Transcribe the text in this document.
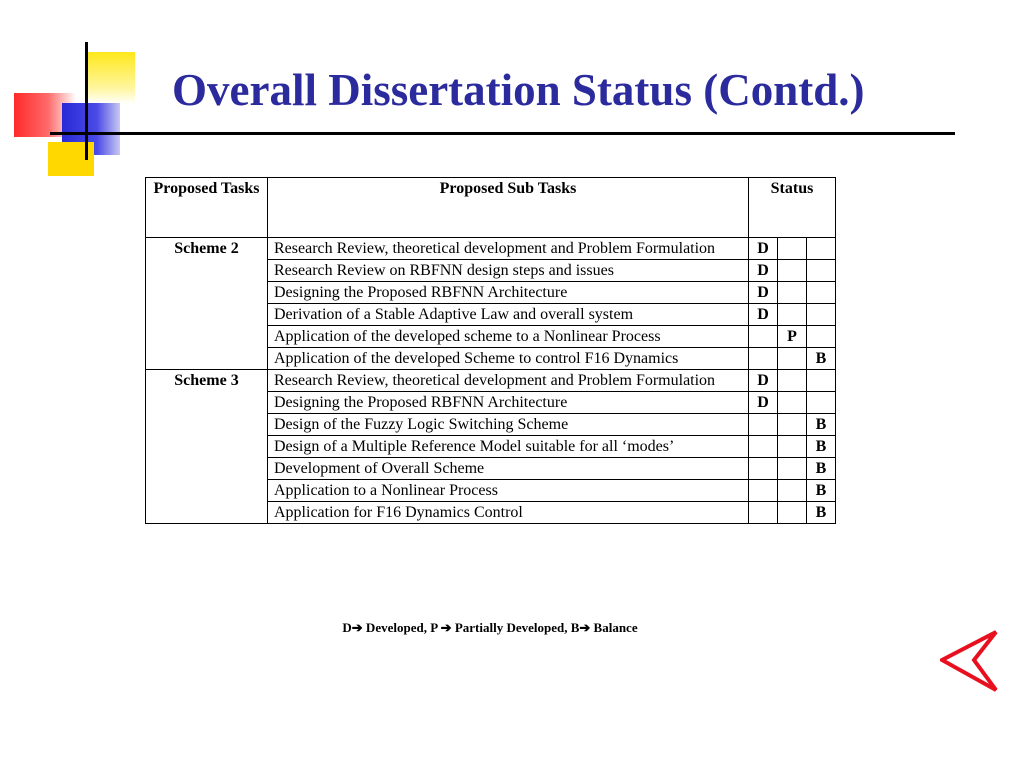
Overall Dissertation Status (Contd.)
Proposed Tasks	Proposed Sub Tasks	Status		
Scheme 2	Research Review, theoretical development and Problem Formulation	D		
	Research Review on RBFNN design steps and issues	D		
	Designing the Proposed RBFNN Architecture	D		
	Derivation of a Stable Adaptive Law and overall system	D		
	Application of the developed scheme to a Nonlinear Process		P	
	Application of the developed Scheme to control F16 Dynamics			B
Scheme 3	Research Review, theoretical development and Problem Formulation	D		
	Designing the Proposed RBFNN Architecture	D		
	Design of the Fuzzy Logic Switching Scheme			B
	Design of a Multiple Reference Model suitable for all ‘modes’			B
	Development of Overall Scheme			B
	Application to a Nonlinear Process			B
	Application for F16 Dynamics Control			B
D➔ Developed, P ➔ Partially Developed, B➔ Balance
